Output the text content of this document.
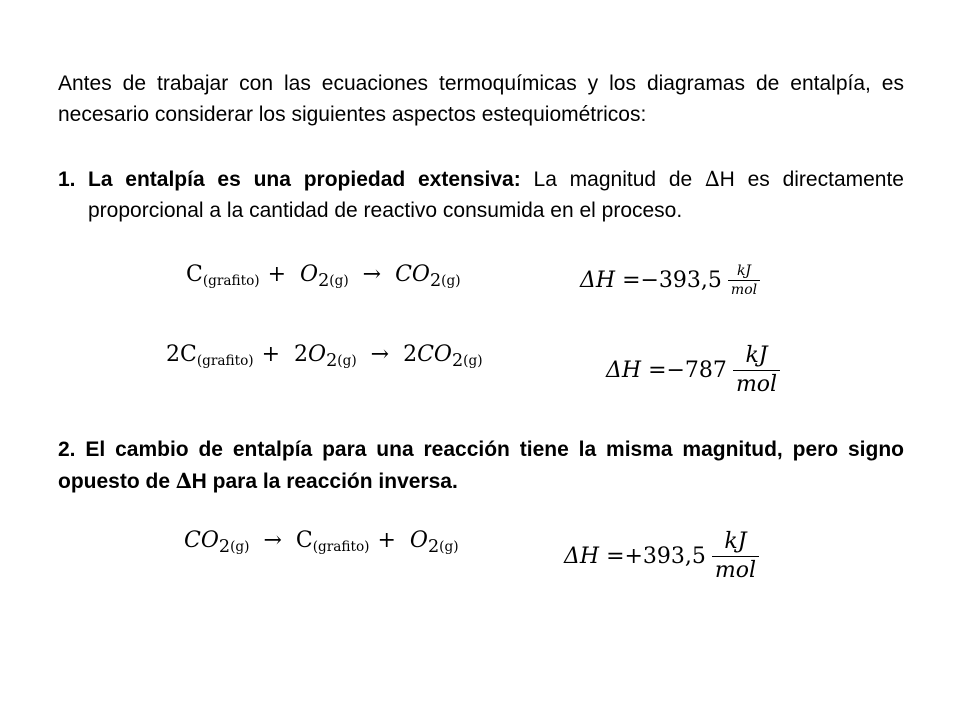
Antes de trabajar con las ecuaciones termoquímicas y los diagramas de entalpía, es necesario considerar los siguientes aspectos estequiométricos:
1. La entalpía es una propiedad extensiva: La magnitud de ∆H es directamente proporcional a la cantidad de reactivo consumida en el proceso.
C (grafito) + O 2 (g) → CO 2 (g)	$\Delta H = -393,5 \frac{kJ}{\text{mol}}$
2 C (grafito) + 2 O 2 (g) → 2 CO 2 (g)	$\Delta H = -787 \frac{kJ}{\text{mol}}$
2. El cambio de entalpía para una reacción tiene la misma magnitud, pero signo opuesto de ∆H para la reacción inversa.
CO 2 (g) → C (grafito) + O 2 (g)	$\Delta H = +393,5 \frac{kJ}{\text{mol}}$
